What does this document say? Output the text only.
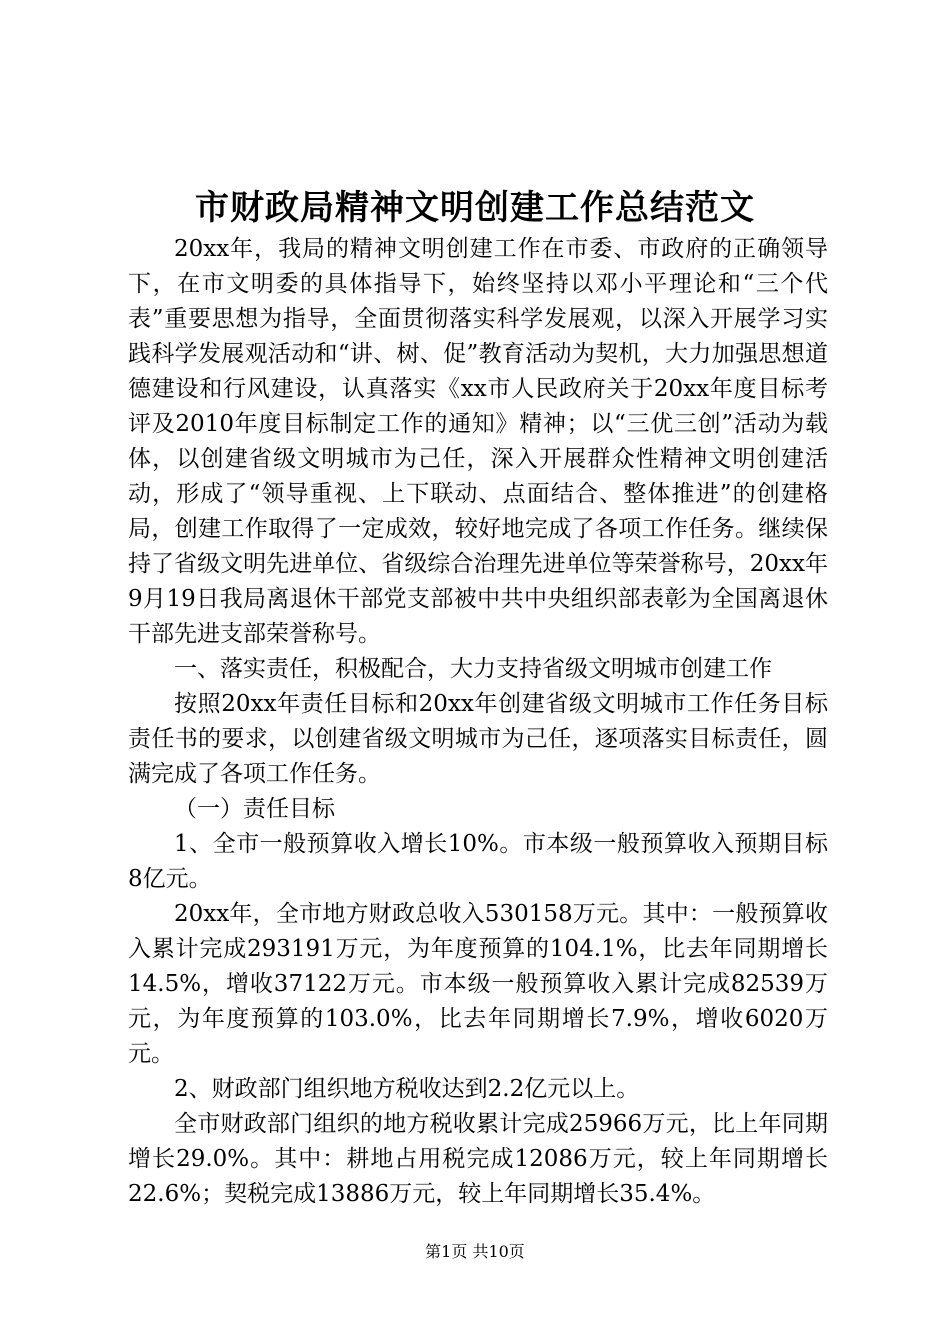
市财政局精神文明创建工作总结范文

20xx年，我局的精神文明创建工作在市委、市政府的正确领导下，在市文明委的具体指导下，始终坚持以邓小平理论和“三个代表”重要思想为指导，全面贯彻落实科学发展观，以深入开展学习实践科学发展观活动和“讲、树、促”教育活动为契机，大力加强思想道德建设和行风建设，认真落实《xx市人民政府关于20xx年度目标考评及2010年度目标制定工作的通知》精神；以“三优三创”活动为载体，以创建省级文明城市为己任，深入开展群众性精神文明创建活动，形成了“领导重视、上下联动、点面结合、整体推进”的创建格局，创建工作取得了一定成效，较好地完成了各项工作任务。继续保持了省级文明先进单位、省级综合治理先进单位等荣誉称号，20xx年9月19日我局离退休干部党支部被中共中央组织部表彰为全国离退休干部先进支部荣誉称号。

一、落实责任，积极配合，大力支持省级文明城市创建工作

按照20xx年责任目标和20xx年创建省级文明城市工作任务目标责任书的要求，以创建省级文明城市为己任，逐项落实目标责任，圆满完成了各项工作任务。

（一）责任目标

1、全市一般预算收入增长10%。市本级一般预算收入预期目标8亿元。

20xx年，全市地方财政总收入530158万元。其中：一般预算收入累计完成293191万元，为年度预算的104.1%，比去年同期增长14.5%，增收37122万元。市本级一般预算收入累计完成82539万元，为年度预算的103.0%，比去年同期增长7.9%，增收6020万元。

2、财政部门组织地方税收达到2.2亿元以上。

全市财政部门组织的地方税收累计完成25966万元，比上年同期增长29.0%。其中：耕地占用税完成12086万元，较上年同期增长22.6%；契税完成13886万元，较上年同期增长35.4%。

第1页 共10页
